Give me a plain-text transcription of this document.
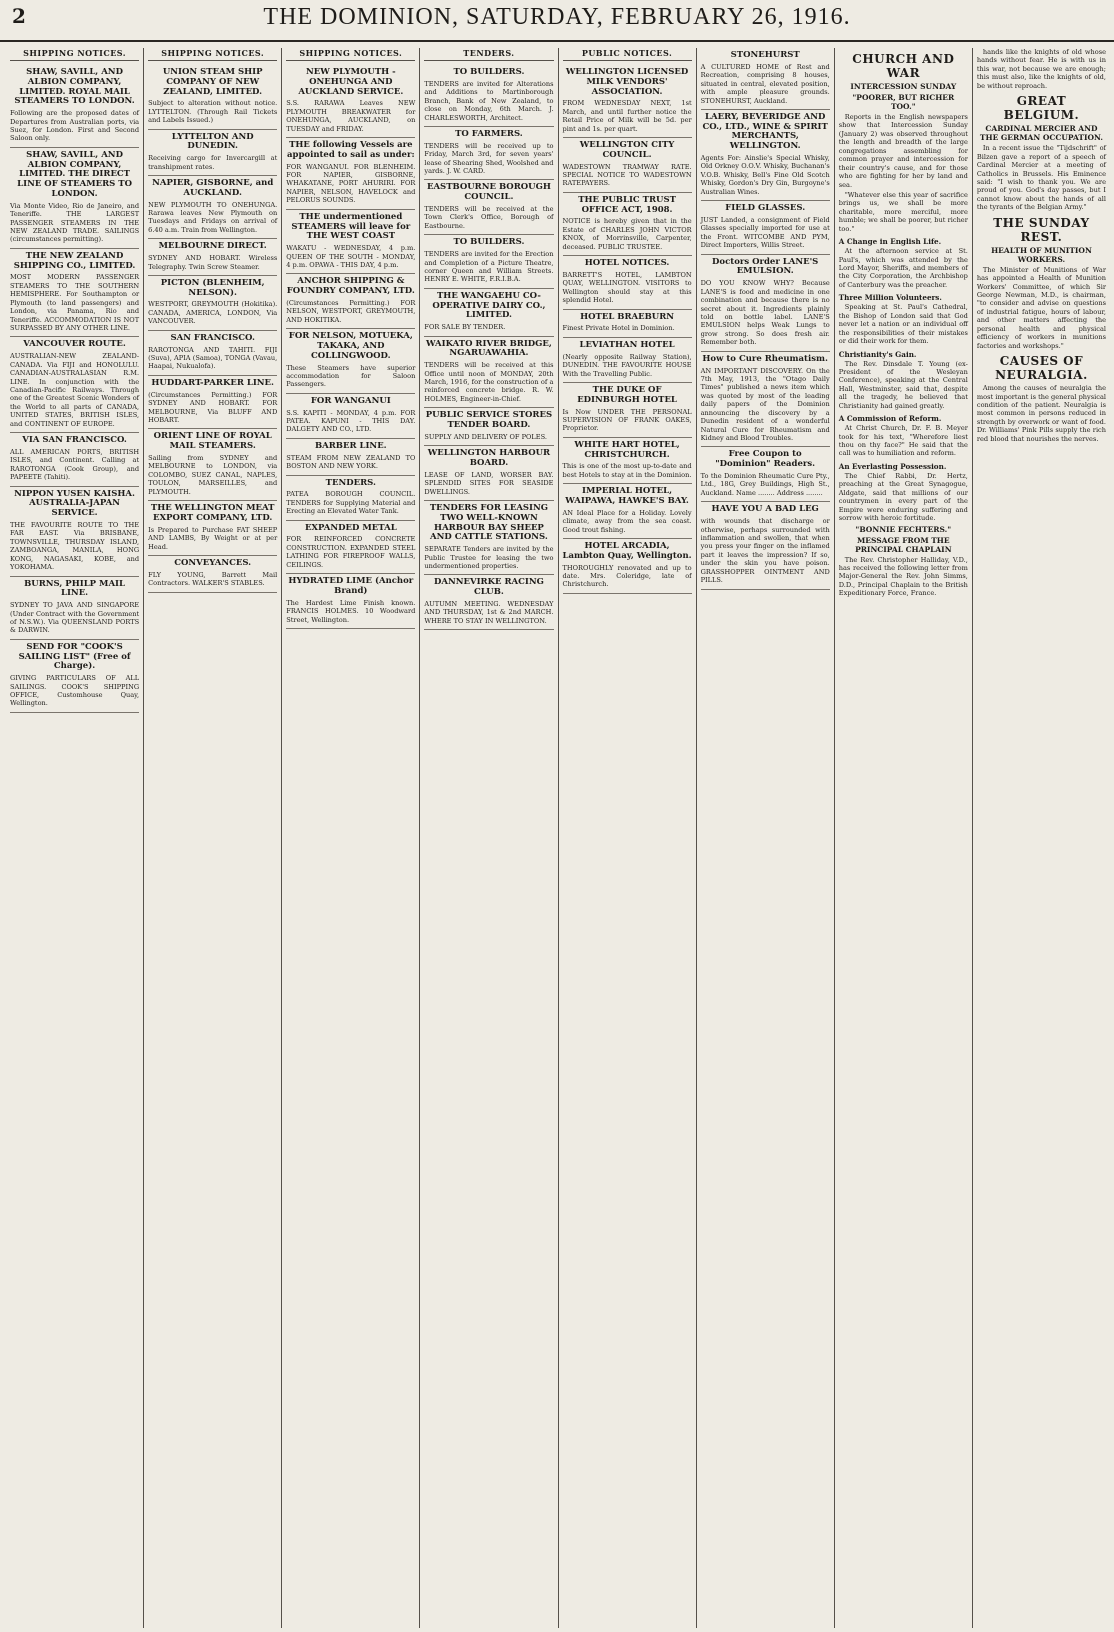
2	THE DOMINION, SATURDAY, FEBRUARY 26, 1916.
SHIPPING NOTICES.
SHAW, SAVILL, AND ALBION COMPANY, LIMITED. ROYAL MAIL STEAMERS TO LONDON.

Following are the proposed dates of Departures from Australian ports, via Suez, for London. First and Second Saloon only.

SHAW, SAVILL, AND ALBION COMPANY, LIMITED. THE DIRECT LINE OF STEAMERS TO LONDON.

Via Monte Video, Rio de Janeiro, and Teneriffe. THE LARGEST PASSENGER STEAMERS IN THE NEW ZEALAND TRADE. SAILINGS (circumstances permitting).

THE NEW ZEALAND SHIPPING CO., LIMITED.

MOST MODERN PASSENGER STEAMERS TO THE SOUTHERN HEMISPHERE. For Southampton or Plymouth (to land passengers) and London, via Panama, Rio and Teneriffe. ACCOMMODATION IS NOT SURPASSED BY ANY OTHER LINE.

VANCOUVER ROUTE.

AUSTRALIAN-NEW ZEALAND-CANADA. Via FIJI and HONOLULU. CANADIAN-AUSTRALASIAN R.M. LINE. In conjunction with the Canadian-Pacific Railways. Through one of the Greatest Scenic Wonders of the World to all parts of CANADA, UNITED STATES, BRITISH ISLES, and CONTINENT OF EUROPE.

VIA SAN FRANCISCO.

ALL AMERICAN PORTS, BRITISH ISLES, and Continent. Calling at RAROTONGA (Cook Group), and PAPEETE (Tahiti).

NIPPON YUSEN KAISHA. AUSTRALIA-JAPAN SERVICE.

THE FAVOURITE ROUTE TO THE FAR EAST. Via BRISBANE, TOWNSVILLE, THURSDAY ISLAND, ZAMBOANGA, MANILA, HONG KONG, NAGASAKI, KOBE, and YOKOHAMA.

BURNS, PHILP MAIL LINE.

SYDNEY TO JAVA AND SINGAPORE (Under Contract with the Government of N.S.W.). Via QUEENSLAND PORTS & DARWIN.

SEND FOR "COOK'S SAILING LIST" (Free of Charge).

GIVING PARTICULARS OF ALL SAILINGS. COOK'S SHIPPING OFFICE, Customhouse Quay, Wellington.

SHIPPING NOTICES.
UNION STEAM SHIP COMPANY OF NEW ZEALAND, LIMITED.

Subject to alteration without notice. LYTTELTON. (Through Rail Tickets and Labels Issued.)

LYTTELTON AND DUNEDIN.

Receiving cargo for Invercargill at transhipment rates.

NAPIER, GISBORNE, and AUCKLAND.

NEW PLYMOUTH TO ONEHUNGA. Rarawa leaves New Plymouth on Tuesdays and Fridays on arrival of 6.40 a.m. Train from Wellington.

MELBOURNE DIRECT.

SYDNEY AND HOBART. Wireless Telegraphy. Twin Screw Steamer.

PICTON (BLENHEIM, NELSON).

WESTPORT, GREYMOUTH (Hokitika). CANADA, AMERICA, LONDON, Via VANCOUVER.

SAN FRANCISCO.

RAROTONGA AND TAHITI. FIJI (Suva), APIA (Samoa), TONGA (Vavau, Haapai, Nukualofa).

HUDDART-PARKER LINE.

(Circumstances Permitting.) FOR SYDNEY AND HOBART. FOR MELBOURNE, Via BLUFF AND HOBART.

ORIENT LINE OF ROYAL MAIL STEAMERS.

Sailing from SYDNEY and MELBOURNE to LONDON, via COLOMBO, SUEZ CANAL, NAPLES, TOULON, MARSEILLES, and PLYMOUTH.

THE WELLINGTON MEAT EXPORT COMPANY, LTD.

Is Prepared to Purchase FAT SHEEP AND LAMBS, By Weight or at per Head.

CONVEYANCES.

FLY YOUNG, Barrett Mail Contractors. WALKER'S STABLES.

SHIPPING NOTICES.
NEW PLYMOUTH - ONEHUNGA AND AUCKLAND SERVICE.

S.S. RARAWA Leaves NEW PLYMOUTH BREAKWATER for ONEHUNGA, AUCKLAND, on TUESDAY and FRIDAY.

THE following Vessels are appointed to sail as under:

FOR WANGANUI. FOR BLENHEIM. FOR NAPIER, GISBORNE, WHAKATANE, PORT AHURIRI. FOR NAPIER, NELSON, HAVELOCK and PELORUS SOUNDS.

THE undermentioned STEAMERS will leave for THE WEST COAST

WAKATU - WEDNESDAY, 4 p.m. QUEEN OF THE SOUTH - MONDAY, 4 p.m. OPAWA - THIS DAY, 4 p.m.

ANCHOR SHIPPING & FOUNDRY COMPANY, LTD.

(Circumstances Permitting.) FOR NELSON, WESTPORT, GREYMOUTH, AND HOKITIKA.

FOR NELSON, MOTUEKA, TAKAKA, AND COLLINGWOOD.

These Steamers have superior accommodation for Saloon Passengers.

FOR WANGANUI

S.S. KAPITI - MONDAY, 4 p.m. FOR PATEA. KAPUNI - THIS DAY. DALGETY AND CO., LTD.

BARBER LINE.

STEAM FROM NEW ZEALAND TO BOSTON AND NEW YORK.

TENDERS.

PATEA BOROUGH COUNCIL. TENDERS for Supplying Material and Erecting an Elevated Water Tank.

EXPANDED METAL

FOR REINFORCED CONCRETE CONSTRUCTION. EXPANDED STEEL LATHING FOR FIREPROOF WALLS, CEILINGS.

HYDRATED LIME (Anchor Brand)

The Hardest Lime Finish known. FRANCIS HOLMES. 10 Woodward Street, Wellington.

TENDERS.
TO BUILDERS.

TENDERS are invited for Alterations and Additions to Martinborough Branch, Bank of New Zealand, to close on Monday, 6th March. J. CHARLESWORTH, Architect.

TO FARMERS.

TENDERS will be received up to Friday, March 3rd, for seven years' lease of Shearing Shed, Woolshed and yards. J. W. CARD.

EASTBOURNE BOROUGH COUNCIL.

TENDERS will be received at the Town Clerk's Office, Borough of Eastbourne.

TO BUILDERS.

TENDERS are invited for the Erection and Completion of a Picture Theatre, corner Queen and William Streets. HENRY E. WHITE, F.R.I.B.A.

THE WANGAEHU CO-OPERATIVE DAIRY CO., LIMITED.

FOR SALE BY TENDER.

WAIKATO RIVER BRIDGE, NGARUAWAHIA.

TENDERS will be received at this Office until noon of MONDAY, 20th March, 1916, for the construction of a reinforced concrete bridge. R. W. HOLMES, Engineer-in-Chief.

PUBLIC SERVICE STORES TENDER BOARD.

SUPPLY AND DELIVERY OF POLES.

WELLINGTON HARBOUR BOARD.

LEASE OF LAND, WORSER BAY. SPLENDID SITES FOR SEASIDE DWELLINGS.

TENDERS FOR LEASING TWO WELL-KNOWN HARBOUR BAY SHEEP AND CATTLE STATIONS.

SEPARATE Tenders are invited by the Public Trustee for leasing the two undermentioned properties.

DANNEVIRKE RACING CLUB.

AUTUMN MEETING. WEDNESDAY AND THURSDAY, 1st & 2nd MARCH. WHERE TO STAY IN WELLINGTON.

PUBLIC NOTICES.
WELLINGTON LICENSED MILK VENDORS' ASSOCIATION.

FROM WEDNESDAY NEXT, 1st March, and until further notice the Retail Price of Milk will be 5d. per pint and 1s. per quart.

WELLINGTON CITY COUNCIL.

WADESTOWN TRAMWAY RATE. SPECIAL NOTICE TO WADESTOWN RATEPAYERS.

THE PUBLIC TRUST OFFICE ACT, 1908.

NOTICE is hereby given that in the Estate of CHARLES JOHN VICTOR KNOX, of Morrinsville, Carpenter, deceased. PUBLIC TRUSTEE.

HOTEL NOTICES.

BARRETT'S HOTEL, LAMBTON QUAY, WELLINGTON. VISITORS to Wellington should stay at this splendid Hotel.

HOTEL BRAEBURN

Finest Private Hotel in Dominion.

LEVIATHAN HOTEL

(Nearly opposite Railway Station), DUNEDIN. THE FAVOURITE HOUSE With the Travelling Public.

THE DUKE OF EDINBURGH HOTEL

Is Now UNDER THE PERSONAL SUPERVISION OF FRANK OAKES, Proprietor.

WHITE HART HOTEL, CHRISTCHURCH.

This is one of the most up-to-date and best Hotels to stay at in the Dominion.

IMPERIAL HOTEL, WAIPAWA, HAWKE'S BAY.

AN Ideal Place for a Holiday. Lovely climate, away from the sea coast. Good trout fishing.

HOTEL ARCADIA, Lambton Quay, Wellington.

THOROUGHLY renovated and up to date. Mrs. Coleridge, late of Christchurch.

STONEHURST

A CULTURED HOME of Rest and Recreation, comprising 8 houses, situated in central, elevated position, with ample pleasure grounds. STONEHURST, Auckland.

LAERY, BEVERIDGE AND CO., LTD., WINE & SPIRIT MERCHANTS, WELLINGTON.

Agents For: Ainslie's Special Whisky, Old Orkney O.O.V. Whisky, Buchanan's V.O.B. Whisky, Bell's Fine Old Scotch Whisky, Gordon's Dry Gin, Burgoyne's Australian Wines.

FIELD GLASSES.

JUST Landed, a consignment of Field Glasses specially imported for use at the Front. WITCOMBE AND PYM, Direct Importers, Willis Street.

Doctors Order LANE'S EMULSION.

DO YOU KNOW WHY? Because LANE'S is food and medicine in one combination and because there is no secret about it. Ingredients plainly told on bottle label. LANE'S EMULSION helps Weak Lungs to grow strong. So does fresh air. Remember both.

How to Cure Rheumatism.

AN IMPORTANT DISCOVERY. On the 7th May, 1913, the "Otago Daily Times" published a news item which was quoted by most of the leading daily papers of the Dominion announcing the discovery by a Dunedin resident of a wonderful Natural Cure for Rheumatism and Kidney and Blood Troubles.

Free Coupon to "Dominion" Readers.

To the Dominion Rheumatic Cure Pty., Ltd., 18G, Grey Buildings, High St., Auckland. Name ........ Address ........

HAVE YOU A BAD LEG

with wounds that discharge or otherwise, perhaps surrounded with inflammation and swollen, that when you press your finger on the inflamed part it leaves the impression? If so, under the skin you have poison. GRASSHOPPER OINTMENT AND PILLS.

CHURCH AND WAR
INTERCESSION SUNDAY
"POORER, BUT RICHER TOO."

Reports in the English newspapers show that Intercession Sunday (January 2) was observed throughout the length and breadth of the large congregations assembling for common prayer and intercession for their country's cause, and for those who are fighting for her by land and sea.

"Whatever else this year of sacrifice brings us, we shall be more charitable, more merciful, more humble; we shall be poorer, but richer too."

A Change in English Life.

At the afternoon service at St. Paul's, which was attended by the Lord Mayor, Sheriffs, and members of the City Corporation, the Archbishop of Canterbury was the preacher.

Three Million Volunteers.

Speaking at St. Paul's Cathedral, the Bishop of London said that God never let a nation or an individual off the responsibilities of their mistakes or did their work for them.

Christianity's Gain.

The Rev. Dinsdale T. Young (ex-President of the Wesleyan Conference), speaking at the Central Hall, Westminster, said that, despite all the tragedy, he believed that Christianity had gained greatly.

A Commission of Reform.

At Christ Church, Dr. F. B. Meyer took for his text, "Wherefore liest thou on thy face?" He said that the call was to humiliation and reform.

An Everlasting Possession.

The Chief Rabbi, Dr. Hertz, preaching at the Great Synagogue, Aldgate, said that millions of our countrymen in every part of the Empire were enduring suffering and sorrow with heroic fortitude.

"BONNIE FECHTERS."
MESSAGE FROM THE PRINCIPAL CHAPLAIN

The Rev. Christopher Halliday, V.D., has received the following letter from Major-General the Rev. John Simms, D.D., Principal Chaplain to the British Expeditionary Force, France.

hands like the knights of old whose hands without fear. He is with us in this war, not because we are enough; this must also, like the knights of old, be without reproach.

GREAT BELGIUM.
CARDINAL MERCIER AND THE GERMAN OCCUPATION.

In a recent issue the "Tijdschrift" of Bilzen gave a report of a speech of Cardinal Mercier at a meeting of Catholics in Brussels. His Eminence said: "I wish to thank you. We are proud of you. God's day passes, but I cannot know about the hands of all the tyrants of the Belgian Army."

THE SUNDAY REST.
HEALTH OF MUNITION WORKERS.

The Minister of Munitions of War has appointed a Health of Munition Workers' Committee, of which Sir George Newman, M.D., is chairman, "to consider and advise on questions of industrial fatigue, hours of labour, and other matters affecting the personal health and physical efficiency of workers in munitions factories and workshops."

CAUSES OF NEURALGIA.

Among the causes of neuralgia the most important is the general physical condition of the patient. Neuralgia is most common in persons reduced in strength by overwork or want of food. Dr. Williams' Pink Pills supply the rich red blood that nourishes the nerves.
